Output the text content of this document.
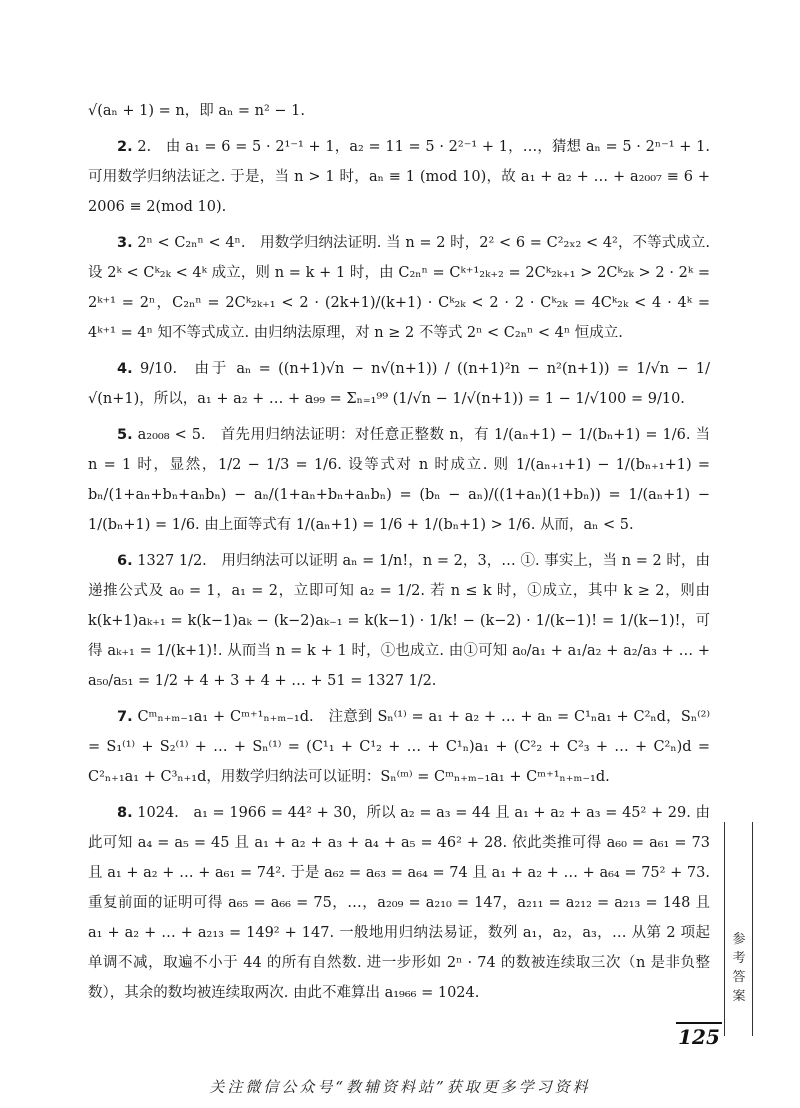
√(aₙ + 1) = n，即 aₙ = n² − 1.

2. 2. 由 a₁ = 6 = 5 · 2¹⁻¹ + 1，a₂ = 11 = 5 · 2²⁻¹ + 1，…，猜想 aₙ = 5 · 2ⁿ⁻¹ + 1. 可用数学归纳法证之. 于是，当 n > 1 时，aₙ ≡ 1 (mod 10)，故 a₁ + a₂ + … + a₂₀₀₇ ≡ 6 + 2006 ≡ 2(mod 10).

3. 2ⁿ < C₂ₙⁿ < 4ⁿ. 用数学归纳法证明. 当 n = 2 时，2² < 6 = C²₂ₓ₂ < 4²，不等式成立. 设 2ᵏ < Cᵏ₂ₖ < 4ᵏ 成立，则 n = k + 1 时，由 C₂ₙⁿ = Cᵏ⁺¹₂ₖ₊₂ = 2Cᵏ₂ₖ₊₁ > 2Cᵏ₂ₖ > 2 · 2ᵏ = 2ᵏ⁺¹ = 2ⁿ，C₂ₙⁿ = 2Cᵏ₂ₖ₊₁ < 2 · (2k+1)/(k+1) · Cᵏ₂ₖ < 2 · 2 · Cᵏ₂ₖ = 4Cᵏ₂ₖ < 4 · 4ᵏ = 4ᵏ⁺¹ = 4ⁿ 知不等式成立. 由归纳法原理，对 n ≥ 2 不等式 2ⁿ < C₂ₙⁿ < 4ⁿ 恒成立.

4. 9/10. 由于 aₙ = ((n+1)√n − n√(n+1)) / ((n+1)²n − n²(n+1)) = 1/√n − 1/√(n+1)，所以，a₁ + a₂ + … + a₉₉ = Σₙ₌₁⁹⁹ (1/√n − 1/√(n+1)) = 1 − 1/√100 = 9/10.

5. a₂₀₀₈ < 5. 首先用归纳法证明：对任意正整数 n，有 1/(aₙ+1) − 1/(bₙ+1) = 1/6. 当 n = 1 时，显然，1/2 − 1/3 = 1/6. 设等式对 n 时成立. 则 1/(aₙ₊₁+1) − 1/(bₙ₊₁+1) = bₙ/(1+aₙ+bₙ+aₙbₙ) − aₙ/(1+aₙ+bₙ+aₙbₙ) = (bₙ − aₙ)/((1+aₙ)(1+bₙ)) = 1/(aₙ+1) − 1/(bₙ+1) = 1/6. 由上面等式有 1/(aₙ+1) = 1/6 + 1/(bₙ+1) > 1/6. 从而，aₙ < 5.

6. 1327 1/2. 用归纳法可以证明 aₙ = 1/n!，n = 2，3，… ①. 事实上，当 n = 2 时，由递推公式及 a₀ = 1，a₁ = 2，立即可知 a₂ = 1/2. 若 n ≤ k 时，①成立，其中 k ≥ 2，则由 k(k+1)aₖ₊₁ = k(k−1)aₖ − (k−2)aₖ₋₁ = k(k−1) · 1/k! − (k−2) · 1/(k−1)! = 1/(k−1)!，可得 aₖ₊₁ = 1/(k+1)!. 从而当 n = k + 1 时，①也成立. 由①可知 a₀/a₁ + a₁/a₂ + a₂/a₃ + … + a₅₀/a₅₁ = 1/2 + 4 + 3 + 4 + … + 51 = 1327 1/2.

7. Cᵐₙ₊ₘ₋₁a₁ + Cᵐ⁺¹ₙ₊ₘ₋₁d. 注意到 Sₙ⁽¹⁾ = a₁ + a₂ + … + aₙ = C¹ₙa₁ + C²ₙd，Sₙ⁽²⁾ = S₁⁽¹⁾ + S₂⁽¹⁾ + … + Sₙ⁽¹⁾ = (C¹₁ + C¹₂ + … + C¹ₙ)a₁ + (C²₂ + C²₃ + … + C²ₙ)d = C²ₙ₊₁a₁ + C³ₙ₊₁d，用数学归纳法可以证明：Sₙ⁽ᵐ⁾ = Cᵐₙ₊ₘ₋₁a₁ + Cᵐ⁺¹ₙ₊ₘ₋₁d.

8. 1024. a₁ = 1966 = 44² + 30，所以 a₂ = a₃ = 44 且 a₁ + a₂ + a₃ = 45² + 29. 由此可知 a₄ = a₅ = 45 且 a₁ + a₂ + a₃ + a₄ + a₅ = 46² + 28. 依此类推可得 a₆₀ = a₆₁ = 73 且 a₁ + a₂ + … + a₆₁ = 74². 于是 a₆₂ = a₆₃ = a₆₄ = 74 且 a₁ + a₂ + … + a₆₄ = 75² + 73. 重复前面的证明可得 a₆₅ = a₆₆ = 75，…，a₂₀₉ = a₂₁₀ = 147，a₂₁₁ = a₂₁₂ = a₂₁₃ = 148 且 a₁ + a₂ + … + a₂₁₃ = 149² + 147. 一般地用归纳法易证，数列 a₁，a₂，a₃，… 从第 2 项起单调不减，取遍不小于 44 的所有自然数. 进一步形如 2ⁿ · 74 的数被连续取三次（n 是非负整数），其余的数均被连续取两次. 由此不难算出 a₁₉₆₆ = 1024.

参考答案
125
关注微信公众号“教辅资料站”获取更多学习资料
